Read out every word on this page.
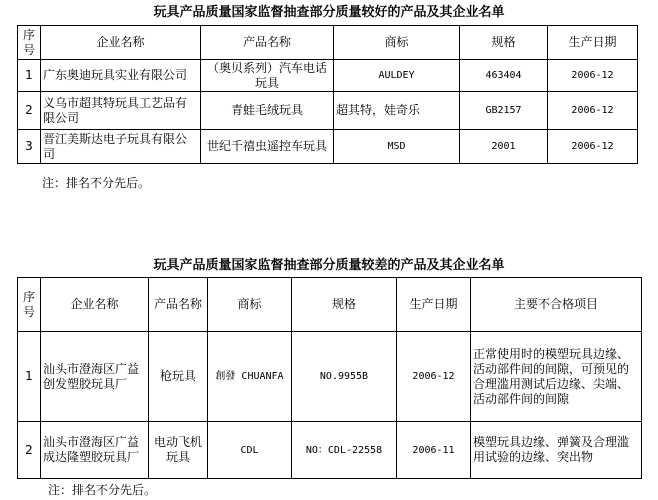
玩具产品质量国家监督抽查部分质量较好的产品及其企业名单
序号	企业名称	产品名称	商标	规格	生产日期
1	广东奥迪玩具实业有限公司	（奥贝系列）汽车电话玩具	AULDEY	463404	2006-12
2	义乌市超其特玩具工艺品有限公司	青蛙毛绒玩具	超其特，娃奇乐	GB2157	2006-12
3	晋江美斯达电子玩具有限公司	世纪千禧虫遥控车玩具	MSD	2001	2006-12
注：排名不分先后。
玩具产品质量国家监督抽查部分质量较差的产品及其企业名单
序号	企业名称	产品名称	商标	规格	生产日期	主要不合格项目
1	汕头市澄海区广益创发塑胶玩具厂	枪玩具	創發 CHUANFA	NO.9955B	2006-12	正常使用时的模塑玩具边缘、活动部件间的间隙，可预见的合理滥用测试后边缘、尖端、活动部件间的间隙
2	汕头市澄海区广益成达隆塑胶玩具厂	电动飞机玩具	CDL	NO：CDL-22558	2006-11	模塑玩具边缘、弹簧及合理滥用试验的边缘、突出物
注：排名不分先后。
